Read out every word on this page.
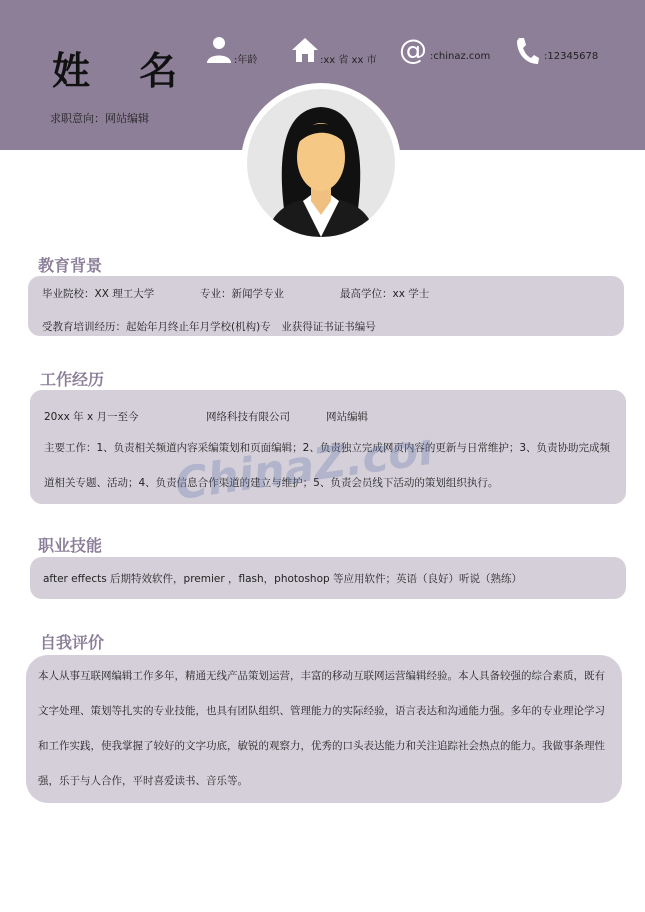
姓 名
求职意向：网站编辑
:年龄	:xx 省 xx 市 @ :chinaz.com	:12345678
教育背景
毕业院校：XX 理工大学	专业：新闻学专业	最高学位：xx 学士
受教育培训经历：起始年月终止年月学校(机构)专　业获得证书证书编号
工作经历
20xx 年 x 月一至今	网络科技有限公司	网站编辑
主要工作：1、负责相关频道内容采编策划和页面编辑；2、负责独立完成网页内容的更新与日常维护；3、负责协助完成频道相关专题、活动；4、负责信息合作渠道的建立与维护；5、负责会员线下活动的策划组织执行。
职业技能
after effects 后期特效软件，premier ，flash，photoshop 等应用软件；英语（良好）听说（熟练）
自我评价
本人从事互联网编辑工作多年，精通无线产品策划运营，丰富的移动互联网运营编辑经验。本人具备较强的综合素质，既有文字处理、策划等扎实的专业技能，也具有团队组织、管理能力的实际经验，语言表达和沟通能力强。多年的专业理论学习和工作实践，使我掌握了较好的文字功底，敏锐的观察力，优秀的口头表达能力和关注追踪社会热点的能力。我做事条理性强，乐于与人合作，平时喜爱读书、音乐等。
ChinaZ.com
